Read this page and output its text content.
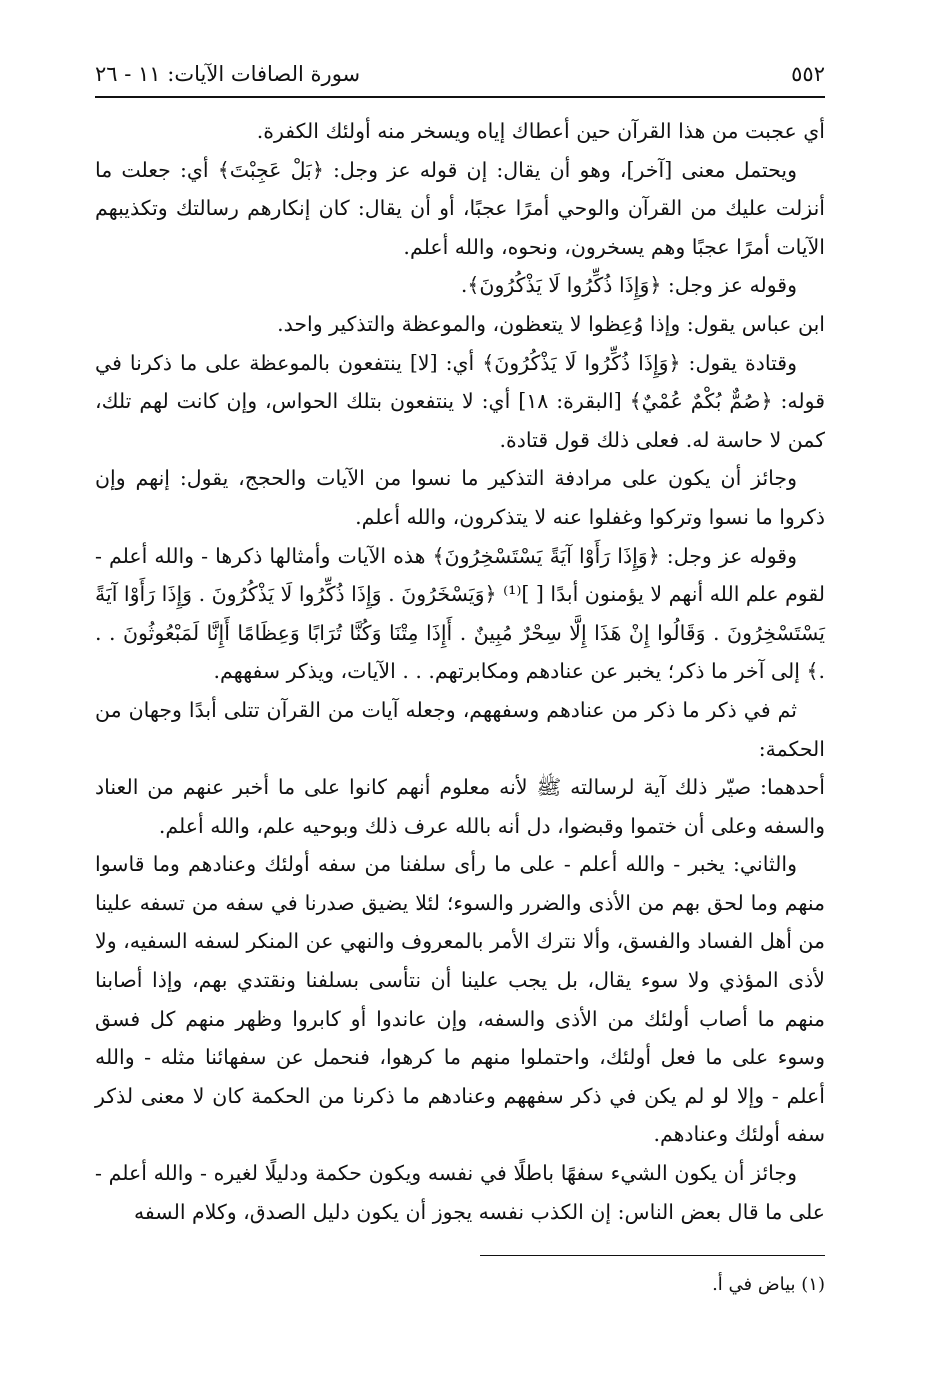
٥٥٢
سورة الصافات الآيات: ١١ - ٢٦

أي عجبت من هذا القرآن حين أعطاك إياه ويسخر منه أولئك الكفرة.

ويحتمل معنى [آخر]، وهو أن يقال: إن قوله عز وجل: ﴿بَلْ عَجِبْتَ﴾ أي: جعلت ما أنزلت عليك من القرآن والوحي أمرًا عجبًا، أو أن يقال: كان إنكارهم رسالتك وتكذيبهم الآيات أمرًا عجبًا وهم يسخرون، ونحوه، والله أعلم.

وقوله عز وجل: ﴿وَإِذَا ذُكِّرُوا لَا يَذْكُرُونَ﴾.

ابن عباس يقول: وإذا وُعِظوا لا يتعظون، والموعظة والتذكير واحد.

وقتادة يقول: ﴿وَإِذَا ذُكِّرُوا لَا يَذْكُرُونَ﴾ أي: [لا] ينتفعون بالموعظة على ما ذكرنا في قوله: ﴿صُمٌّ بُكْمٌ عُمْيٌ﴾ [البقرة: ١٨] أي: لا ينتفعون بتلك الحواس، وإن كانت لهم تلك، كمن لا حاسة له. فعلى ذلك قول قتادة.

وجائز أن يكون على مرادفة التذكير ما نسوا من الآيات والحجج، يقول: إنهم وإن ذكروا ما نسوا وتركوا وغفلوا عنه لا يتذكرون، والله أعلم.

وقوله عز وجل: ﴿وَإِذَا رَأَوْا آيَةً يَسْتَسْخِرُونَ﴾ هذه الآيات وأمثالها ذكرها - والله أعلم - لقوم علم الله أنهم لا يؤمنون أبدًا [ ]⁽¹⁾ ﴿وَيَسْخَرُونَ . وَإِذَا ذُكِّرُوا لَا يَذْكُرُونَ . وَإِذَا رَأَوْا آيَةً يَسْتَسْخِرُونَ . وَقَالُوا إِنْ هَذَا إِلَّا سِحْرٌ مُبِينٌ . أَإِذَا مِتْنَا وَكُنَّا تُرَابًا وَعِظَامًا أَإِنَّا لَمَبْعُوثُونَ . . .﴾ إلى آخر ما ذكر؛ يخبر عن عنادهم ومكابرتهم. . . الآيات، ويذكر سفههم.

ثم في ذكر ما ذكر من عنادهم وسفههم، وجعله آيات من القرآن تتلى أبدًا وجهان من الحكمة:

أحدهما: صيّر ذلك آية لرسالته ﷺ لأنه معلوم أنهم كانوا على ما أخبر عنهم من العناد والسفه وعلى أن ختموا وقبضوا، دل أنه بالله عرف ذلك وبوحيه علم، والله أعلم.

والثاني: يخبر - والله أعلم - على ما رأى سلفنا من سفه أولئك وعنادهم وما قاسوا منهم وما لحق بهم من الأذى والضرر والسوء؛ لئلا يضيق صدرنا في سفه من تسفه علينا من أهل الفساد والفسق، وألا نترك الأمر بالمعروف والنهي عن المنكر لسفه السفيه، ولا لأذى المؤذي ولا سوء يقال، بل يجب علينا أن نتأسى بسلفنا ونقتدي بهم، وإذا أصابنا منهم ما أصاب أولئك من الأذى والسفه، وإن عاندوا أو كابروا وظهر منهم كل فسق وسوء على ما فعل أولئك، واحتملوا منهم ما كرهوا، فنحمل عن سفهائنا مثله - والله أعلم - وإلا لو لم يكن في ذكر سفههم وعنادهم ما ذكرنا من الحكمة كان لا معنى لذكر سفه أولئك وعنادهم.

وجائز أن يكون الشيء سفهًا باطلًا في نفسه ويكون حكمة ودليلًا لغيره - والله أعلم - على ما قال بعض الناس: إن الكذب نفسه يجوز أن يكون دليل الصدق، وكلام السفه

(١) بياض في أ.
